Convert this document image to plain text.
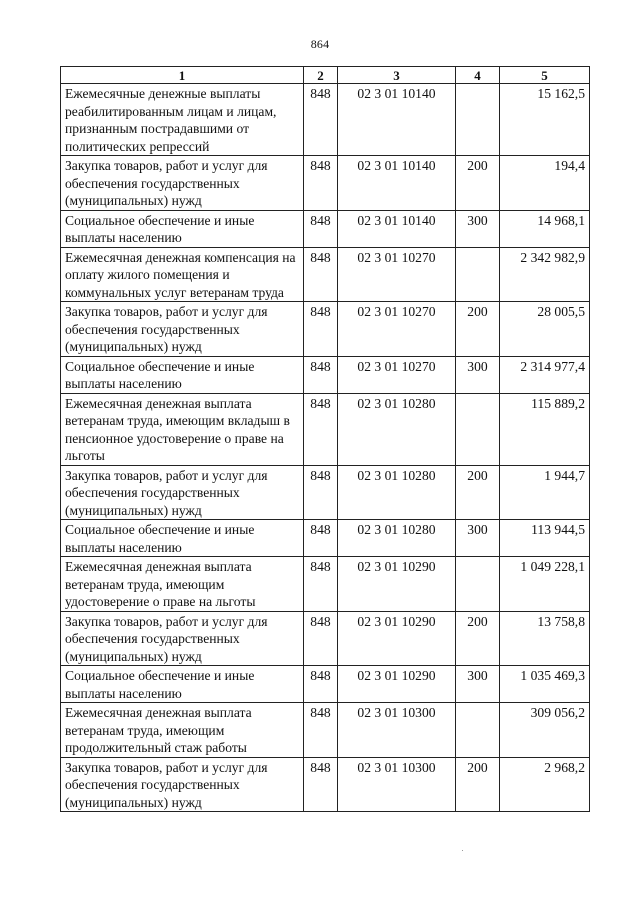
864
1	2	3	4	5
Ежемесячные денежные выплаты реабилитированным лицам и лицам, признанным пострадавшими от политических репрессий	848	02 3 01 10140		15 162,5
Закупка товаров, работ и услуг для обеспечения государственных (муниципальных) нужд	848	02 3 01 10140	200	194,4
Социальное обеспечение и иные выплаты населению	848	02 3 01 10140	300	14 968,1
Ежемесячная денежная компенсация на оплату жилого помещения и коммунальных услуг ветеранам труда	848	02 3 01 10270		2 342 982,9
Закупка товаров, работ и услуг для обеспечения государственных (муниципальных) нужд	848	02 3 01 10270	200	28 005,5
Социальное обеспечение и иные выплаты населению	848	02 3 01 10270	300	2 314 977,4
Ежемесячная денежная выплата ветеранам труда, имеющим вкладыш в пенсионное удостоверение о праве на льготы	848	02 3 01 10280		115 889,2
Закупка товаров, работ и услуг для обеспечения государственных (муниципальных) нужд	848	02 3 01 10280	200	1 944,7
Социальное обеспечение и иные выплаты населению	848	02 3 01 10280	300	113 944,5
Ежемесячная денежная выплата ветеранам труда, имеющим удостоверение о праве на льготы	848	02 3 01 10290		1 049 228,1
Закупка товаров, работ и услуг для обеспечения государственных (муниципальных) нужд	848	02 3 01 10290	200	13 758,8
Социальное обеспечение и иные выплаты населению	848	02 3 01 10290	300	1 035 469,3
Ежемесячная денежная выплата ветеранам труда, имеющим продолжительный стаж работы	848	02 3 01 10300		309 056,2
Закупка товаров, работ и услуг для обеспечения государственных (муниципальных) нужд	848	02 3 01 10300	200	2 968,2
